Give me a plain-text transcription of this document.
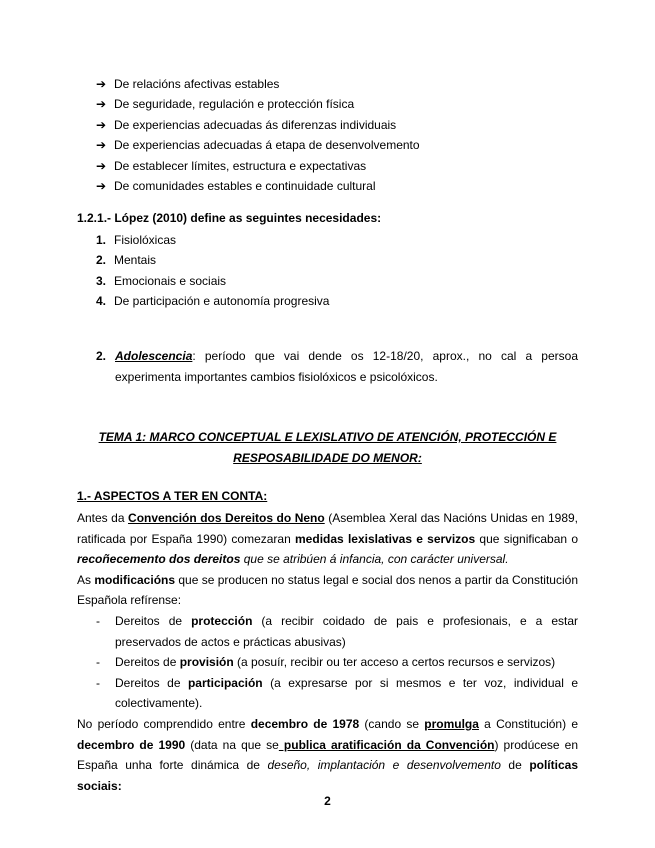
➔ De relacións afectivas estables
➔ De seguridade, regulación e protección física
➔ De experiencias adecuadas ás diferenzas individuais
➔ De experiencias adecuadas á etapa de desenvolvemento
➔ De establecer límites, estructura e expectativas
➔ De comunidades estables e continuidade cultural
1.2.1.- López (2010) define as seguintes necesidades:
1. Fisiolóxicas
2. Mentais
3. Emocionais e sociais
4. De participación e autonomía progresiva
2. Adolescencia: período que vai dende os 12-18/20, aprox., no cal a persoa experimenta importantes cambios fisiolóxicos e psicolóxicos.
TEMA 1: MARCO CONCEPTUAL E LEXISLATIVO DE ATENCIÓN, PROTECCIÓN E
RESPOSABILIDADE DO MENOR:
1.- ASPECTOS A TER EN CONTA:

Antes da Convención dos Dereitos do Neno (Asemblea Xeral das Nacións Unidas en 1989, ratificada por España 1990) comezaran medidas lexislativas e servizos que significaban o recoñecemento dos dereitos que se atribúen á infancia, con carácter universal.

As modificacións que se producen no status legal e social dos nenos a partir da Constitución Española refírense:

- Dereitos de protección (a recibir coidado de pais e profesionais, e a estar preservados de actos e prácticas abusivas)
- Dereitos de provisión (a posuír, recibir ou ter acceso a certos recursos e servizos)
- Dereitos de participación (a expresarse por si mesmos e ter voz, individual e colectivamente).

No período comprendido entre decembro de 1978 (cando se promulga a Constitución) e decembro de 1990 (data na que se publica aratificación da Convención) prodúcese en España unha forte dinámica de deseño, implantación e desenvolvemento de políticas sociais:

2
